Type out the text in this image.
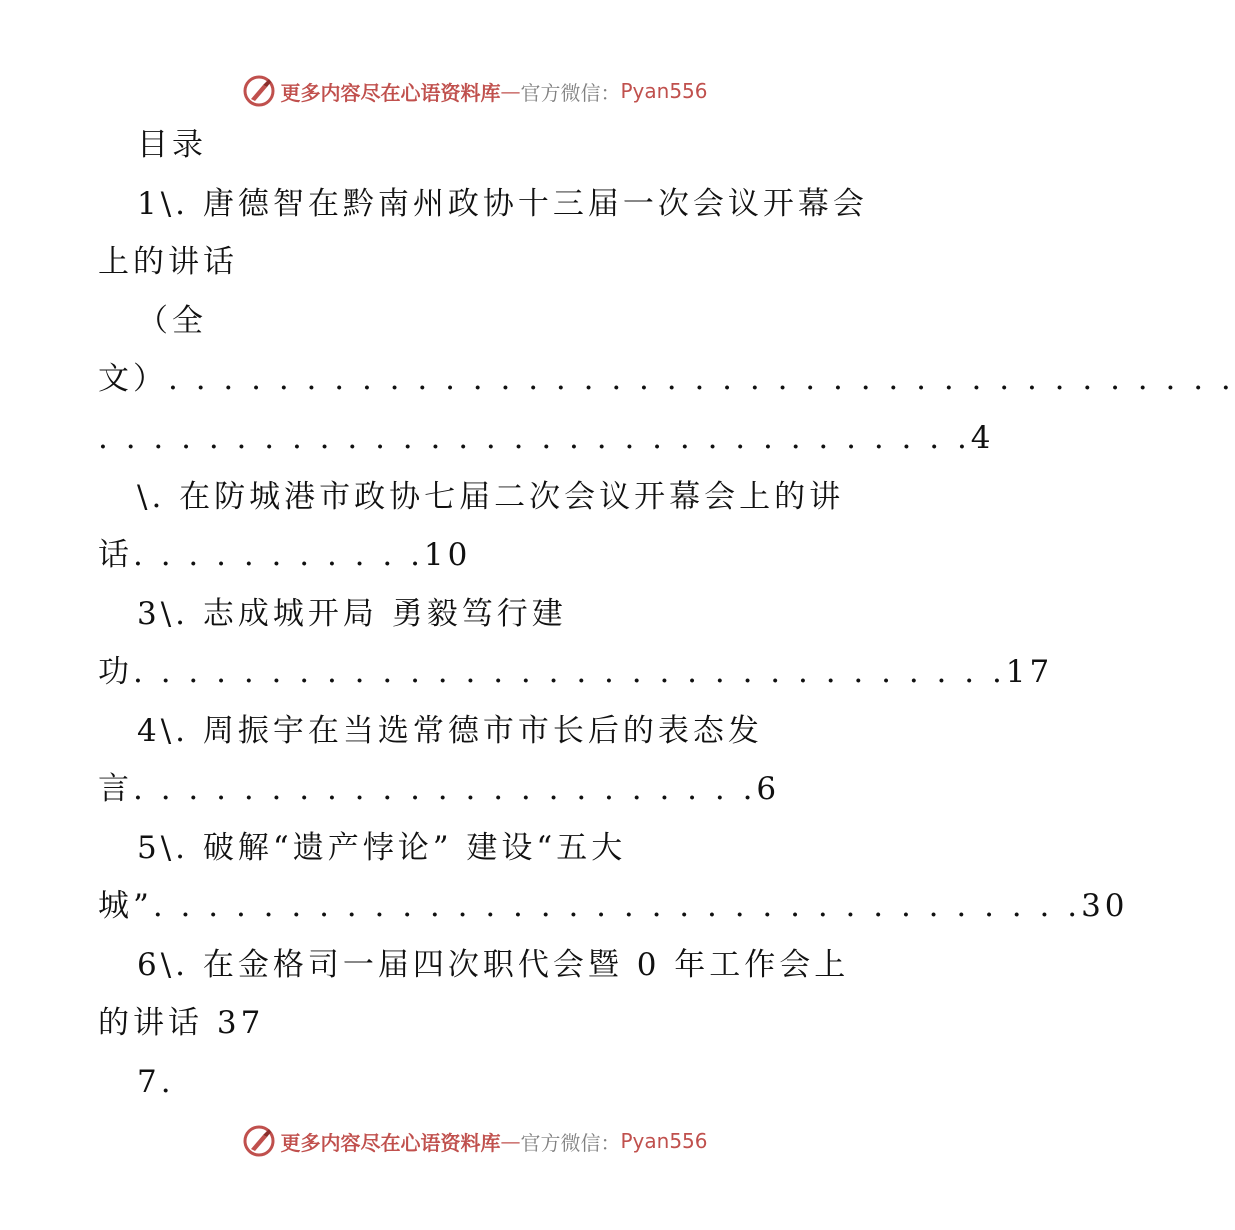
更多内容尽在心语资料库 — 官方微信： Pyan556
目录
1\. 唐德智在黔南州政协十三届一次会议开幕会
上的讲话
（全
文）. . . . . . . . . . . . . . . . . . . . . . . . . . . . . . . . . . . . . . .
. . . . . . . . . . . . . . . . . . . . . . . . . . . . . . . .4
\. 在防城港市政协七届二次会议开幕会上的讲
话. . . . . . . . . . .10
3\. 志成城开局 勇毅笃行建
功. . . . . . . . . . . . . . . . . . . . . . . . . . . . . . . .17
4\. 周振宇在当选常德市市长后的表态发
言. . . . . . . . . . . . . . . . . . . . . . .6
5\. 破解“遗产悖论” 建设“五大
城”. . . . . . . . . . . . . . . . . . . . . . . . . . . . . . . . . .30
6\. 在金格司一届四次职代会暨 0 年工作会上
的讲话 37
7.
更多内容尽在心语资料库 — 官方微信： Pyan556
